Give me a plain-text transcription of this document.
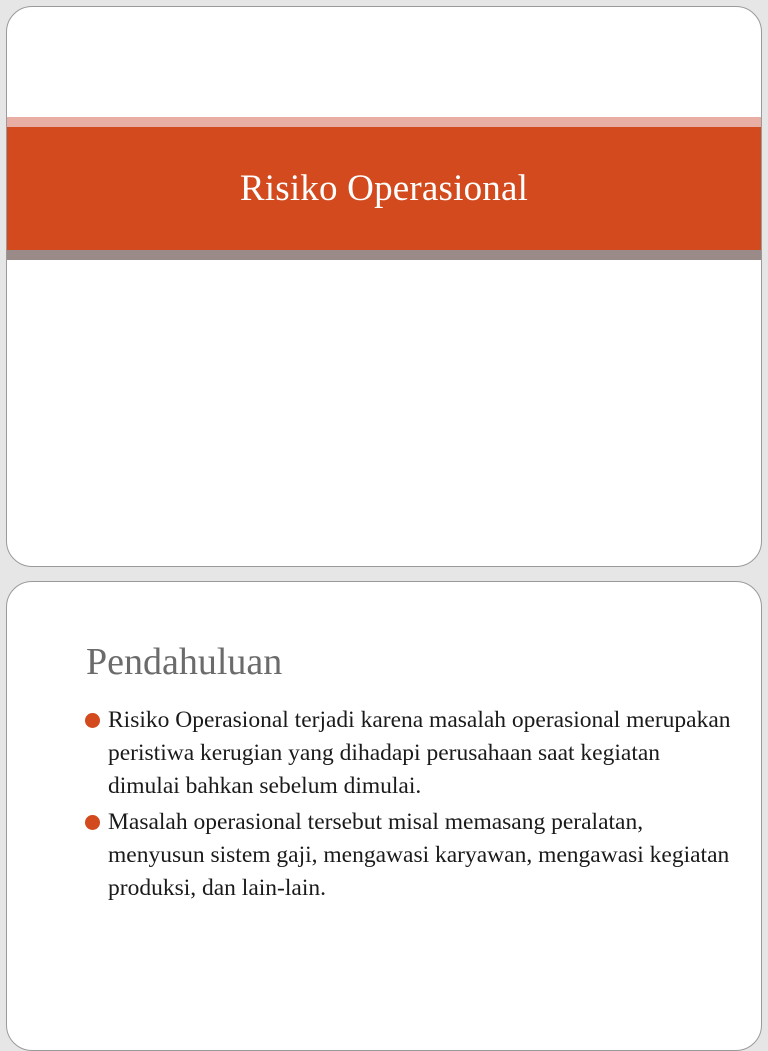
Risiko Operasional
Pendahuluan
Risiko Operasional terjadi karena masalah operasional merupakan peristiwa kerugian yang dihadapi perusahaan saat kegiatan dimulai bahkan sebelum dimulai.
Masalah operasional tersebut misal memasang peralatan, menyusun sistem gaji, mengawasi karyawan, mengawasi kegiatan produksi, dan lain-lain.
